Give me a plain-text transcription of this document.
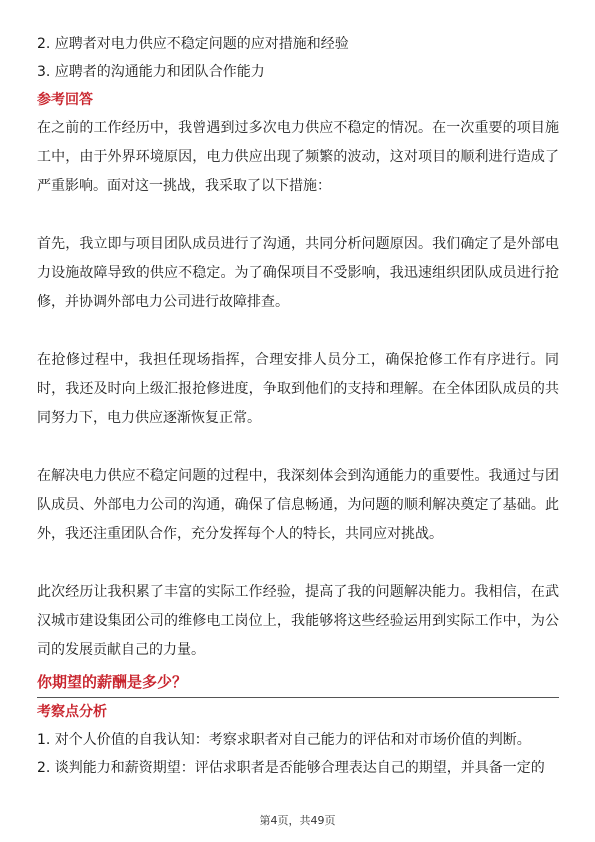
2. 应聘者对电力供应不稳定问题的应对措施和经验

3. 应聘者的沟通能力和团队合作能力

参考回答

在之前的工作经历中，我曾遇到过多次电力供应不稳定的情况。在一次重要的项目施工中，由于外界环境原因，电力供应出现了频繁的波动，这对项目的顺利进行造成了严重影响。面对这一挑战，我采取了以下措施：

首先，我立即与项目团队成员进行了沟通，共同分析问题原因。我们确定了是外部电力设施故障导致的供应不稳定。为了确保项目不受影响，我迅速组织团队成员进行抢修，并协调外部电力公司进行故障排查。

在抢修过程中，我担任现场指挥，合理安排人员分工，确保抢修工作有序进行。同时，我还及时向上级汇报抢修进度，争取到他们的支持和理解。在全体团队成员的共同努力下，电力供应逐渐恢复正常。

在解决电力供应不稳定问题的过程中，我深刻体会到沟通能力的重要性。我通过与团队成员、外部电力公司的沟通，确保了信息畅通，为问题的顺利解决奠定了基础。此外，我还注重团队合作，充分发挥每个人的特长，共同应对挑战。

此次经历让我积累了丰富的实际工作经验，提高了我的问题解决能力。我相信，在武汉城市建设集团公司的维修电工岗位上，我能够将这些经验运用到实际工作中，为公司的发展贡献自己的力量。

你期望的薪酬是多少？

考察点分析

1. 对个人价值的自我认知：考察求职者对自己能力的评估和对市场价值的判断。

2. 谈判能力和薪资期望：评估求职者是否能够合理表达自己的期望，并具备一定的

第4页，共49页
